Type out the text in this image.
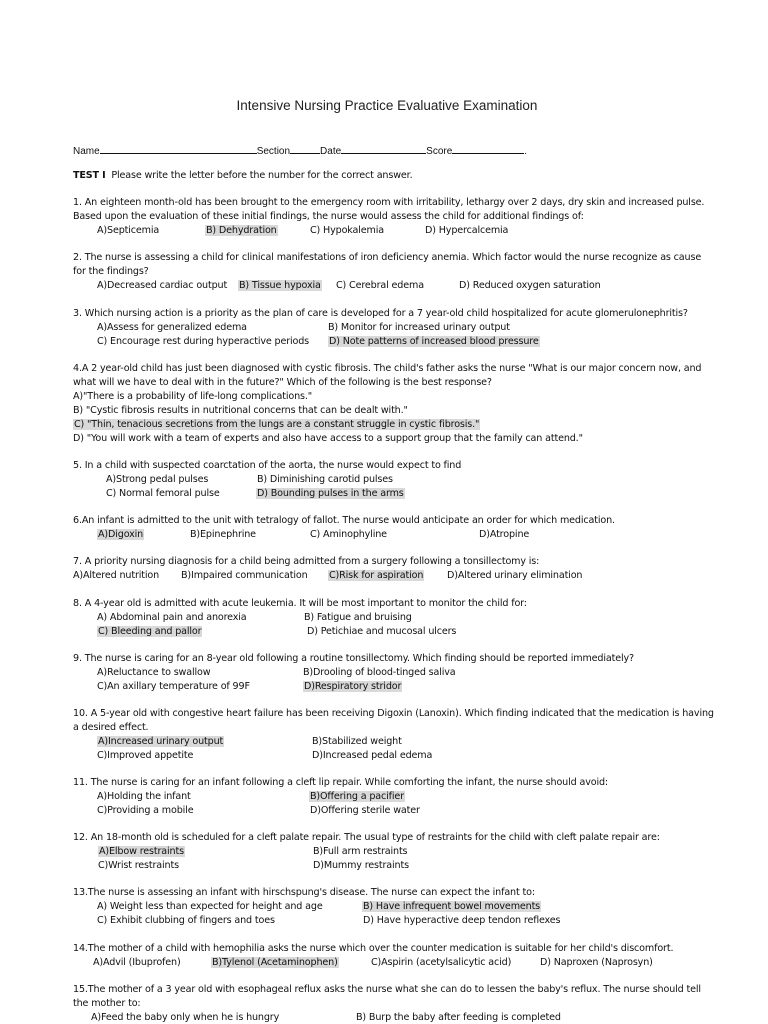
Intensive Nursing Practice Evaluative Examination
Name	Section	Date	Score	.
TEST I Please write the letter before the number for the correct answer.
1. An eighteen month-old has been brought to the emergency room with irritability, lethargy over 2 days, dry skin and increased pulse.
Based upon the evaluation of these initial findings, the nurse would assess the child for additional findings of:
A)Septicemia	B) Dehydration	C) Hypokalemia	D) Hypercalcemia
2. The nurse is assessing a child for clinical manifestations of iron deficiency anemia. Which factor would the nurse recognize as cause
for the findings?
A)Decreased cardiac output B) Tissue hypoxia C) Cerebral edema	D) Reduced oxygen saturation
3. Which nursing action is a priority as the plan of care is developed for a 7 year-old child hospitalized for acute glomerulonephritis?
A)Assess for generalized edema	B) Monitor for increased urinary output
C) Encourage rest during hyperactive periods D) Note patterns of increased blood pressure
4.A 2 year-old child has just been diagnosed with cystic fibrosis. The child's father asks the nurse "What is our major concern now, and
what will we have to deal with in the future?" Which of the following is the best response?
A)"There is a probability of life-long complications."
B) "Cystic fibrosis results in nutritional concerns that can be dealt with."
C) "Thin, tenacious secretions from the lungs are a constant struggle in cystic fibrosis."
D) "You will work with a team of experts and also have access to a support group that the family can attend."
5. In a child with suspected coarctation of the aorta, the nurse would expect to find
A)Strong pedal pulses	B) Diminishing carotid pulses
C) Normal femoral pulse	D) Bounding pulses in the arms
6.An infant is admitted to the unit with tetralogy of fallot. The nurse would anticipate an order for which medication.
A)Digoxin	B)Epinephrine	C) Aminophyline	D)Atropine
7. A priority nursing diagnosis for a child being admitted from a surgery following a tonsillectomy is:
A)Altered nutrition B)Impaired communication C)Risk for aspiration D)Altered urinary elimination
8. A 4-year old is admitted with acute leukemia. It will be most important to monitor the child for:
A) Abdominal pain and anorexia	B) Fatigue and bruising
C) Bleeding and pallor	D) Petichiae and mucosal ulcers
9. The nurse is caring for an 8-year old following a routine tonsillectomy. Which finding should be reported immediately?
A)Reluctance to swallow	B)Drooling of blood-tinged saliva
C)An axillary temperature of 99F	D)Respiratory stridor
10. A 5-year old with congestive heart failure has been receiving Digoxin (Lanoxin). Which finding indicated that the medication is having
a desired effect.
A)Increased urinary output	B)Stabilized weight
C)Improved appetite	D)Increased pedal edema
11. The nurse is caring for an infant following a cleft lip repair. While comforting the infant, the nurse should avoid:
A)Holding the infant	B)Offering a pacifier
C)Providing a mobile	D)Offering sterile water
12. An 18-month old is scheduled for a cleft palate repair. The usual type of restraints for the child with cleft palate repair are:
A)Elbow restraints	B)Full arm restraints
C)Wrist restraints	D)Mummy restraints
13.The nurse is assessing an infant with hirschspung's disease. The nurse can expect the infant to:
A) Weight less than expected for height and age	B) Have infrequent bowel movements
C) Exhibit clubbing of fingers and toes	D) Have hyperactive deep tendon reflexes
14.The mother of a child with hemophilia asks the nurse which over the counter medication is suitable for her child's discomfort.
A)Advil (Ibuprofen)	B)Tylenol (Acetaminophen)	C)Aspirin (acetylsalicytic acid)	D) Naproxen (Naprosyn)
15.The mother of a 3 year old with esophageal reflux asks the nurse what she can do to lessen the baby's reflux. The nurse should tell
the mother to:
A)Feed the baby only when he is hungry	B) Burp the baby after feeding is completed
